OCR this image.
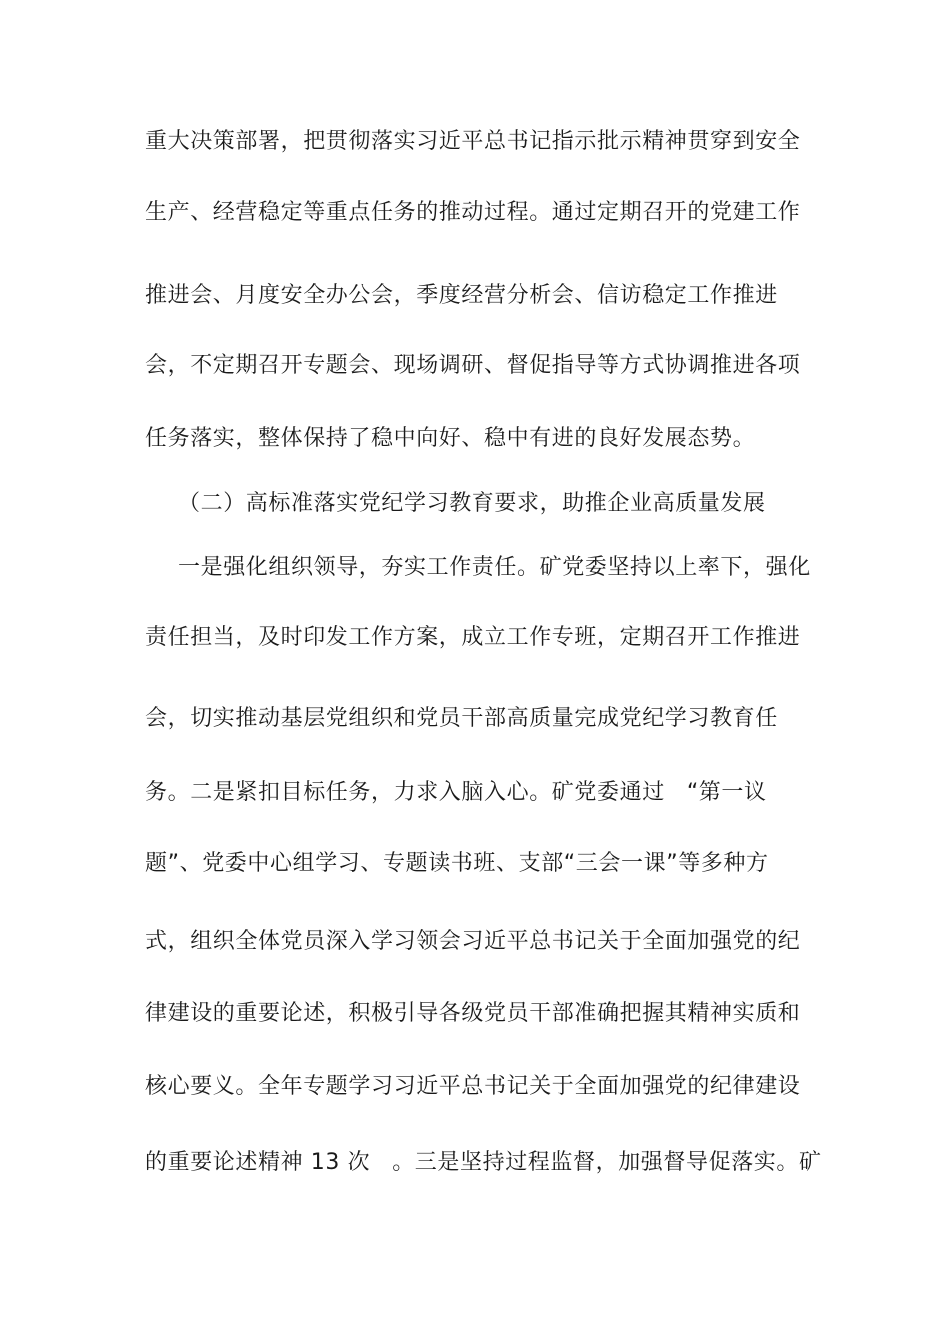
重大决策部署，把贯彻落实习近平总书记指示批示精神贯穿到安全
生产、经营稳定等重点任务的推动过程。通过定期召开的党建工作
推进会、月度安全办公会，季度经营分析会、信访稳定工作推进
会，不定期召开专题会、现场调研、督促指导等方式协调推进各项
任务落实，整体保持了稳中向好、稳中有进的良好发展态势。
（二）高标准落实党纪学习教育要求，助推企业高质量发展
一是强化组织领导，夯实工作责任。矿党委坚持以上率下，强化
责任担当，及时印发工作方案，成立工作专班，定期召开工作推进
会，切实推动基层党组织和党员干部高质量完成党纪学习教育任
务。二是紧扣目标任务，力求入脑入心。矿党委通过 “第一议
题”、党委中心组学习、专题读书班、支部“三会一课”等多种方
式，组织全体党员深入学习领会习近平总书记关于全面加强党的纪
律建设的重要论述，积极引导各级党员干部准确把握其精神实质和
核心要义。全年专题学习习近平总书记关于全面加强党的纪律建设
的重要论述精神 13 次 。三是坚持过程监督，加强督导促落实。矿
